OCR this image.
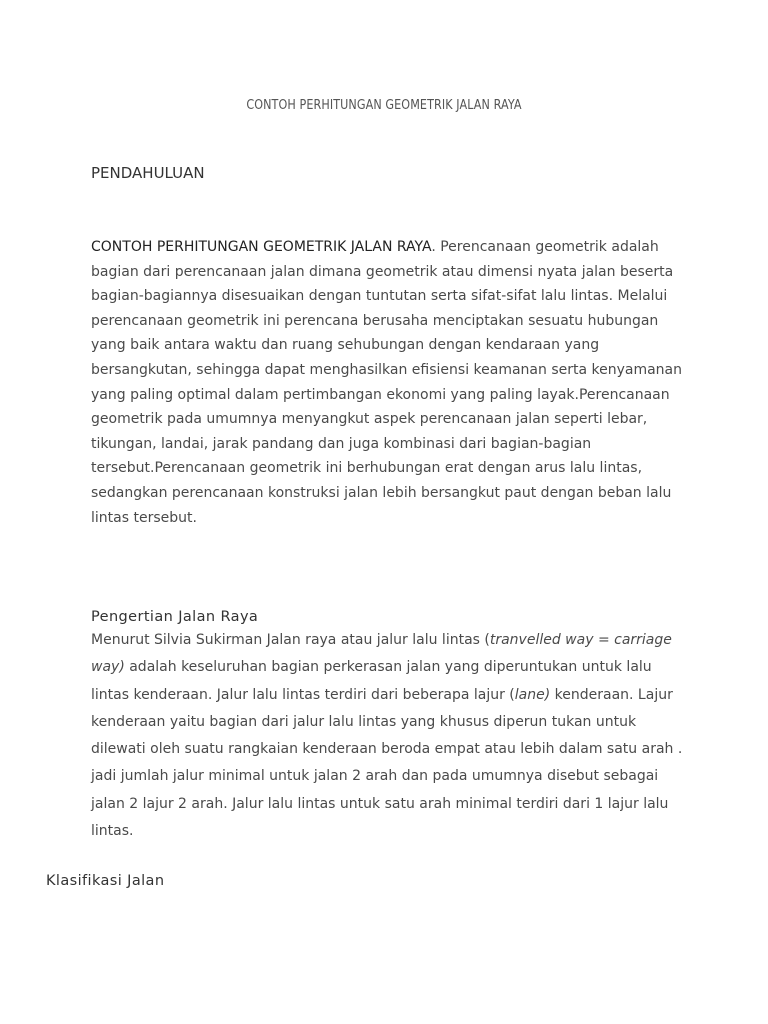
CONTOH PERHITUNGAN GEOMETRIK JALAN RAYA
PENDAHULUAN

CONTOH PERHITUNGAN GEOMETRIK JALAN RAYA. Perencanaan geometrik adalah bagian dari perencanaan jalan dimana geometrik atau dimensi nyata jalan beserta bagian-bagiannya disesuaikan dengan tuntutan serta sifat-sifat lalu lintas. Melalui perencanaan geometrik ini perencana berusaha menciptakan sesuatu hubungan yang baik antara waktu dan ruang sehubungan dengan kendaraan yang bersangkutan, sehingga dapat menghasilkan efisiensi keamanan serta kenyamanan yang paling optimal dalam pertimbangan ekonomi yang paling layak.Perencanaan geometrik pada umumnya menyangkut aspek perencanaan jalan seperti lebar, tikungan, landai, jarak pandang dan juga kombinasi dari bagian-bagian tersebut.Perencanaan geometrik ini berhubungan erat dengan arus lalu lintas, sedangkan perencanaan konstruksi jalan lebih bersangkut paut dengan beban lalu lintas tersebut.

Pengertian Jalan Raya

Menurut Silvia Sukirman Jalan raya atau jalur lalu lintas (tranvelled way = carriage way) adalah keseluruhan bagian perkerasan jalan yang diperuntukan untuk lalu lintas kenderaan. Jalur lalu lintas terdiri dari beberapa lajur (lane) kenderaan. Lajur kenderaan yaitu bagian dari jalur lalu lintas yang khusus diperun tukan untuk dilewati oleh suatu rangkaian kenderaan beroda empat atau lebih dalam satu arah . jadi jumlah jalur minimal untuk jalan 2 arah dan pada umumnya disebut sebagai jalan 2 lajur 2 arah. Jalur lalu lintas untuk satu arah minimal terdiri dari 1 lajur lalu lintas.

Klasifikasi Jalan
